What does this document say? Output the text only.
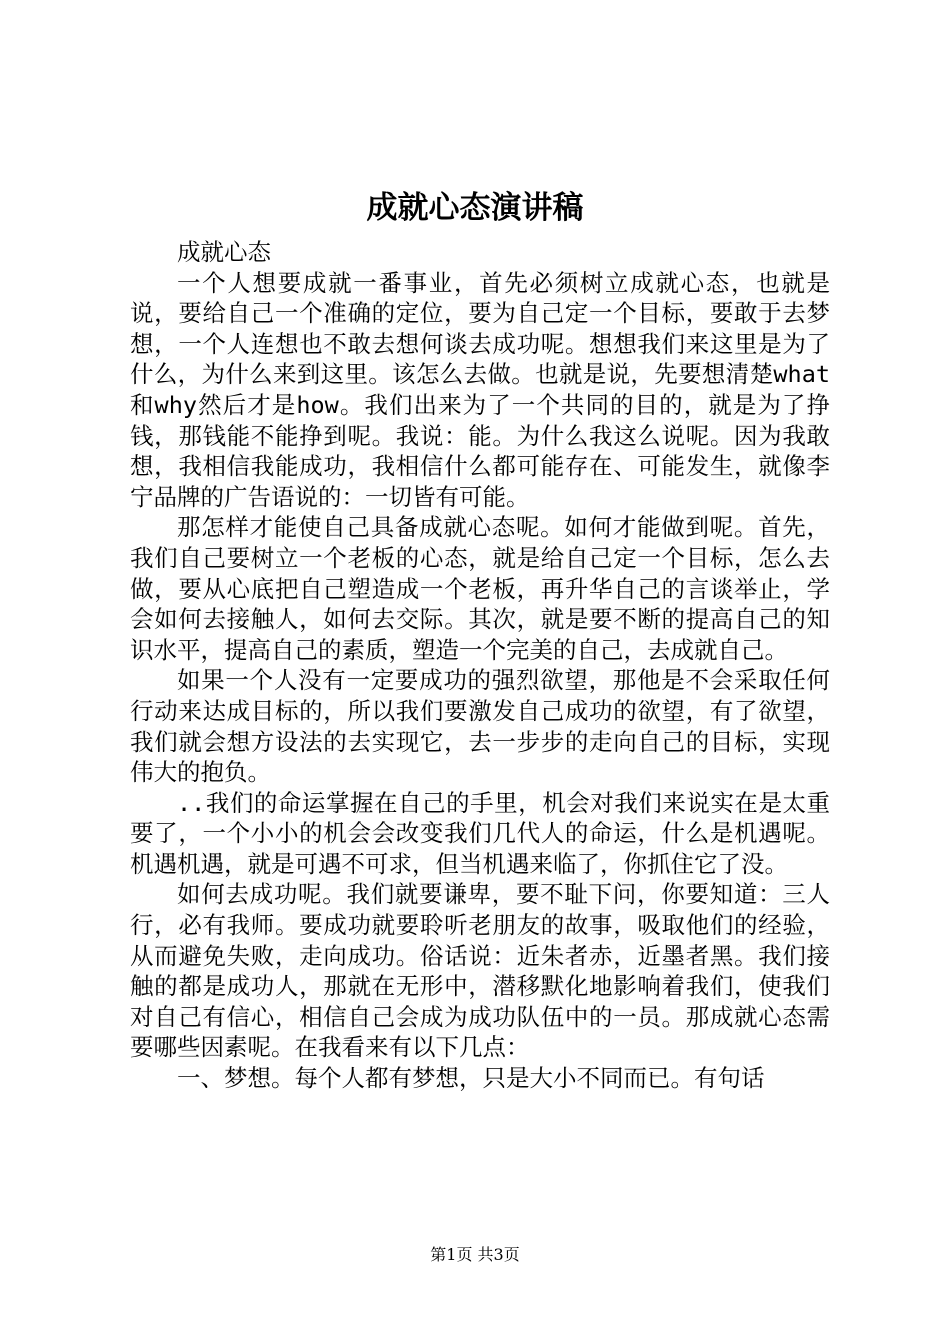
成就心态演讲稿

成就心态

一个人想要成就一番事业，首先必须树立成就心态，也就是说，要给自己一个准确的定位，要为自己定一个目标，要敢于去梦想，一个人连想也不敢去想何谈去成功呢。想想我们来这里是为了什么，为什么来到这里。该怎么去做。也就是说，先要想清楚what和why然后才是how。我们出来为了一个共同的目的，就是为了挣钱，那钱能不能挣到呢。我说：能。为什么我这么说呢。因为我敢想，我相信我能成功，我相信什么都可能存在、可能发生，就像李宁品牌的广告语说的：一切皆有可能。

那怎样才能使自己具备成就心态呢。如何才能做到呢。首先，我们自己要树立一个老板的心态，就是给自己定一个目标，怎么去做，要从心底把自己塑造成一个老板，再升华自己的言谈举止，学会如何去接触人，如何去交际。其次，就是要不断的提高自己的知识水平，提高自己的素质，塑造一个完美的自己，去成就自己。

如果一个人没有一定要成功的强烈欲望，那他是不会采取任何行动来达成目标的，所以我们要激发自己成功的欲望，有了欲望，我们就会想方设法的去实现它，去一步步的走向自己的目标，实现伟大的抱负。

..我们的命运掌握在自己的手里，机会对我们来说实在是太重要了，一个小小的机会会改变我们几代人的命运，什么是机遇呢。机遇机遇，就是可遇不可求，但当机遇来临了，你抓住它了没。

如何去成功呢。我们就要谦卑，要不耻下问，你要知道：三人行，必有我师。要成功就要聆听老朋友的故事，吸取他们的经验，从而避免失败，走向成功。俗话说：近朱者赤，近墨者黑。我们接触的都是成功人，那就在无形中，潜移默化地影响着我们，使我们对自己有信心，相信自己会成为成功队伍中的一员。那成就心态需要哪些因素呢。在我看来有以下几点：

一、梦想。每个人都有梦想，只是大小不同而已。有句话

第1页 共3页
